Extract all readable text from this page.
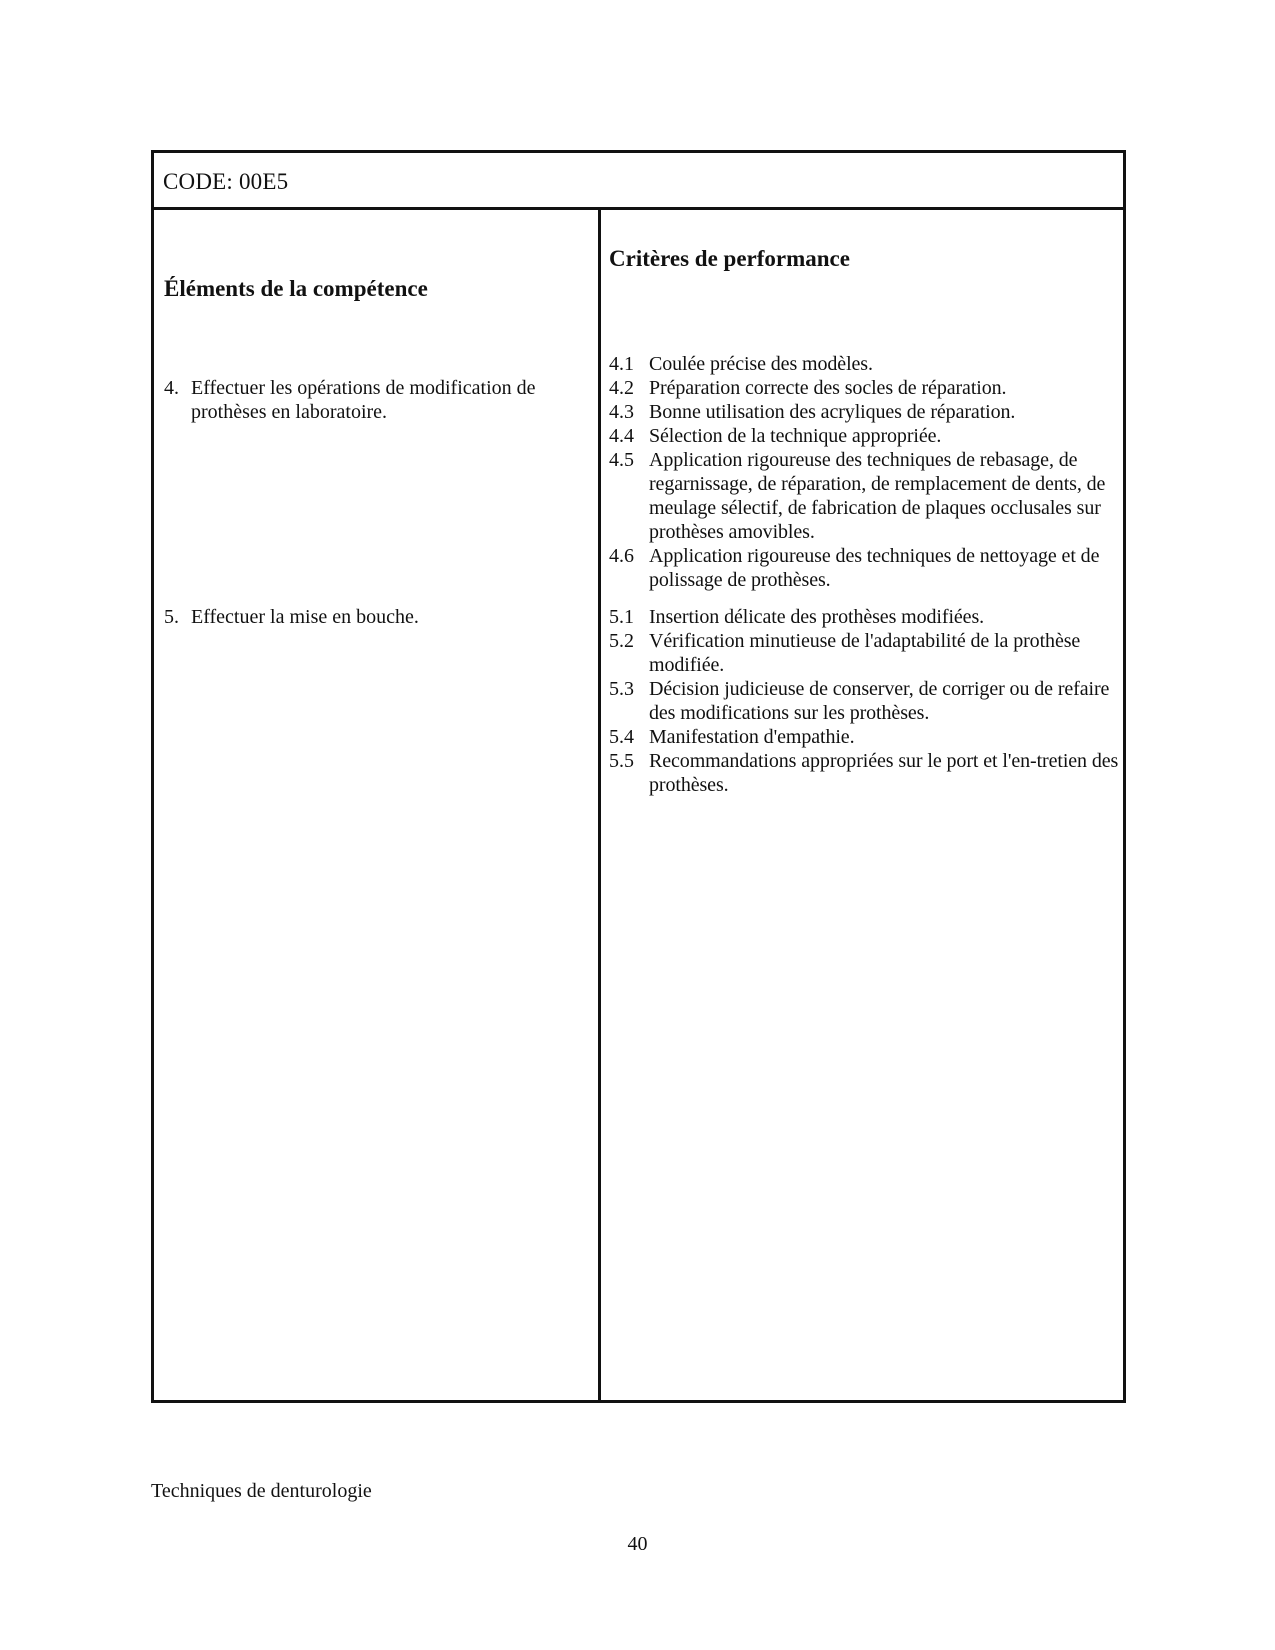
CODE: 00E5
Éléments de la compétence
4. Effectuer les opérations de modification de prothèses en laboratoire.
5. Effectuer la mise en bouche.
Critères de performance
4.1 Coulée précise des modèles.
4.2 Préparation correcte des socles de réparation.
4.3 Bonne utilisation des acryliques de réparation.
4.4 Sélection de la technique appropriée.
4.5 Application rigoureuse des techniques de rebasage, de regarnissage, de réparation, de remplacement de dents, de meulage sélectif, de fabrication de plaques occlusales sur prothèses amovibles.
4.6 Application rigoureuse des techniques de nettoyage et de polissage de prothèses.
5.1 Insertion délicate des prothèses modifiées.
5.2 Vérification minutieuse de l'adaptabilité de la prothèse modifiée.
5.3 Décision judicieuse de conserver, de corriger ou de refaire des modifications sur les prothèses.
5.4 Manifestation d'empathie.
5.5 Recommandations appropriées sur le port et l'en-tretien des prothèses.
Techniques de denturologie
40
